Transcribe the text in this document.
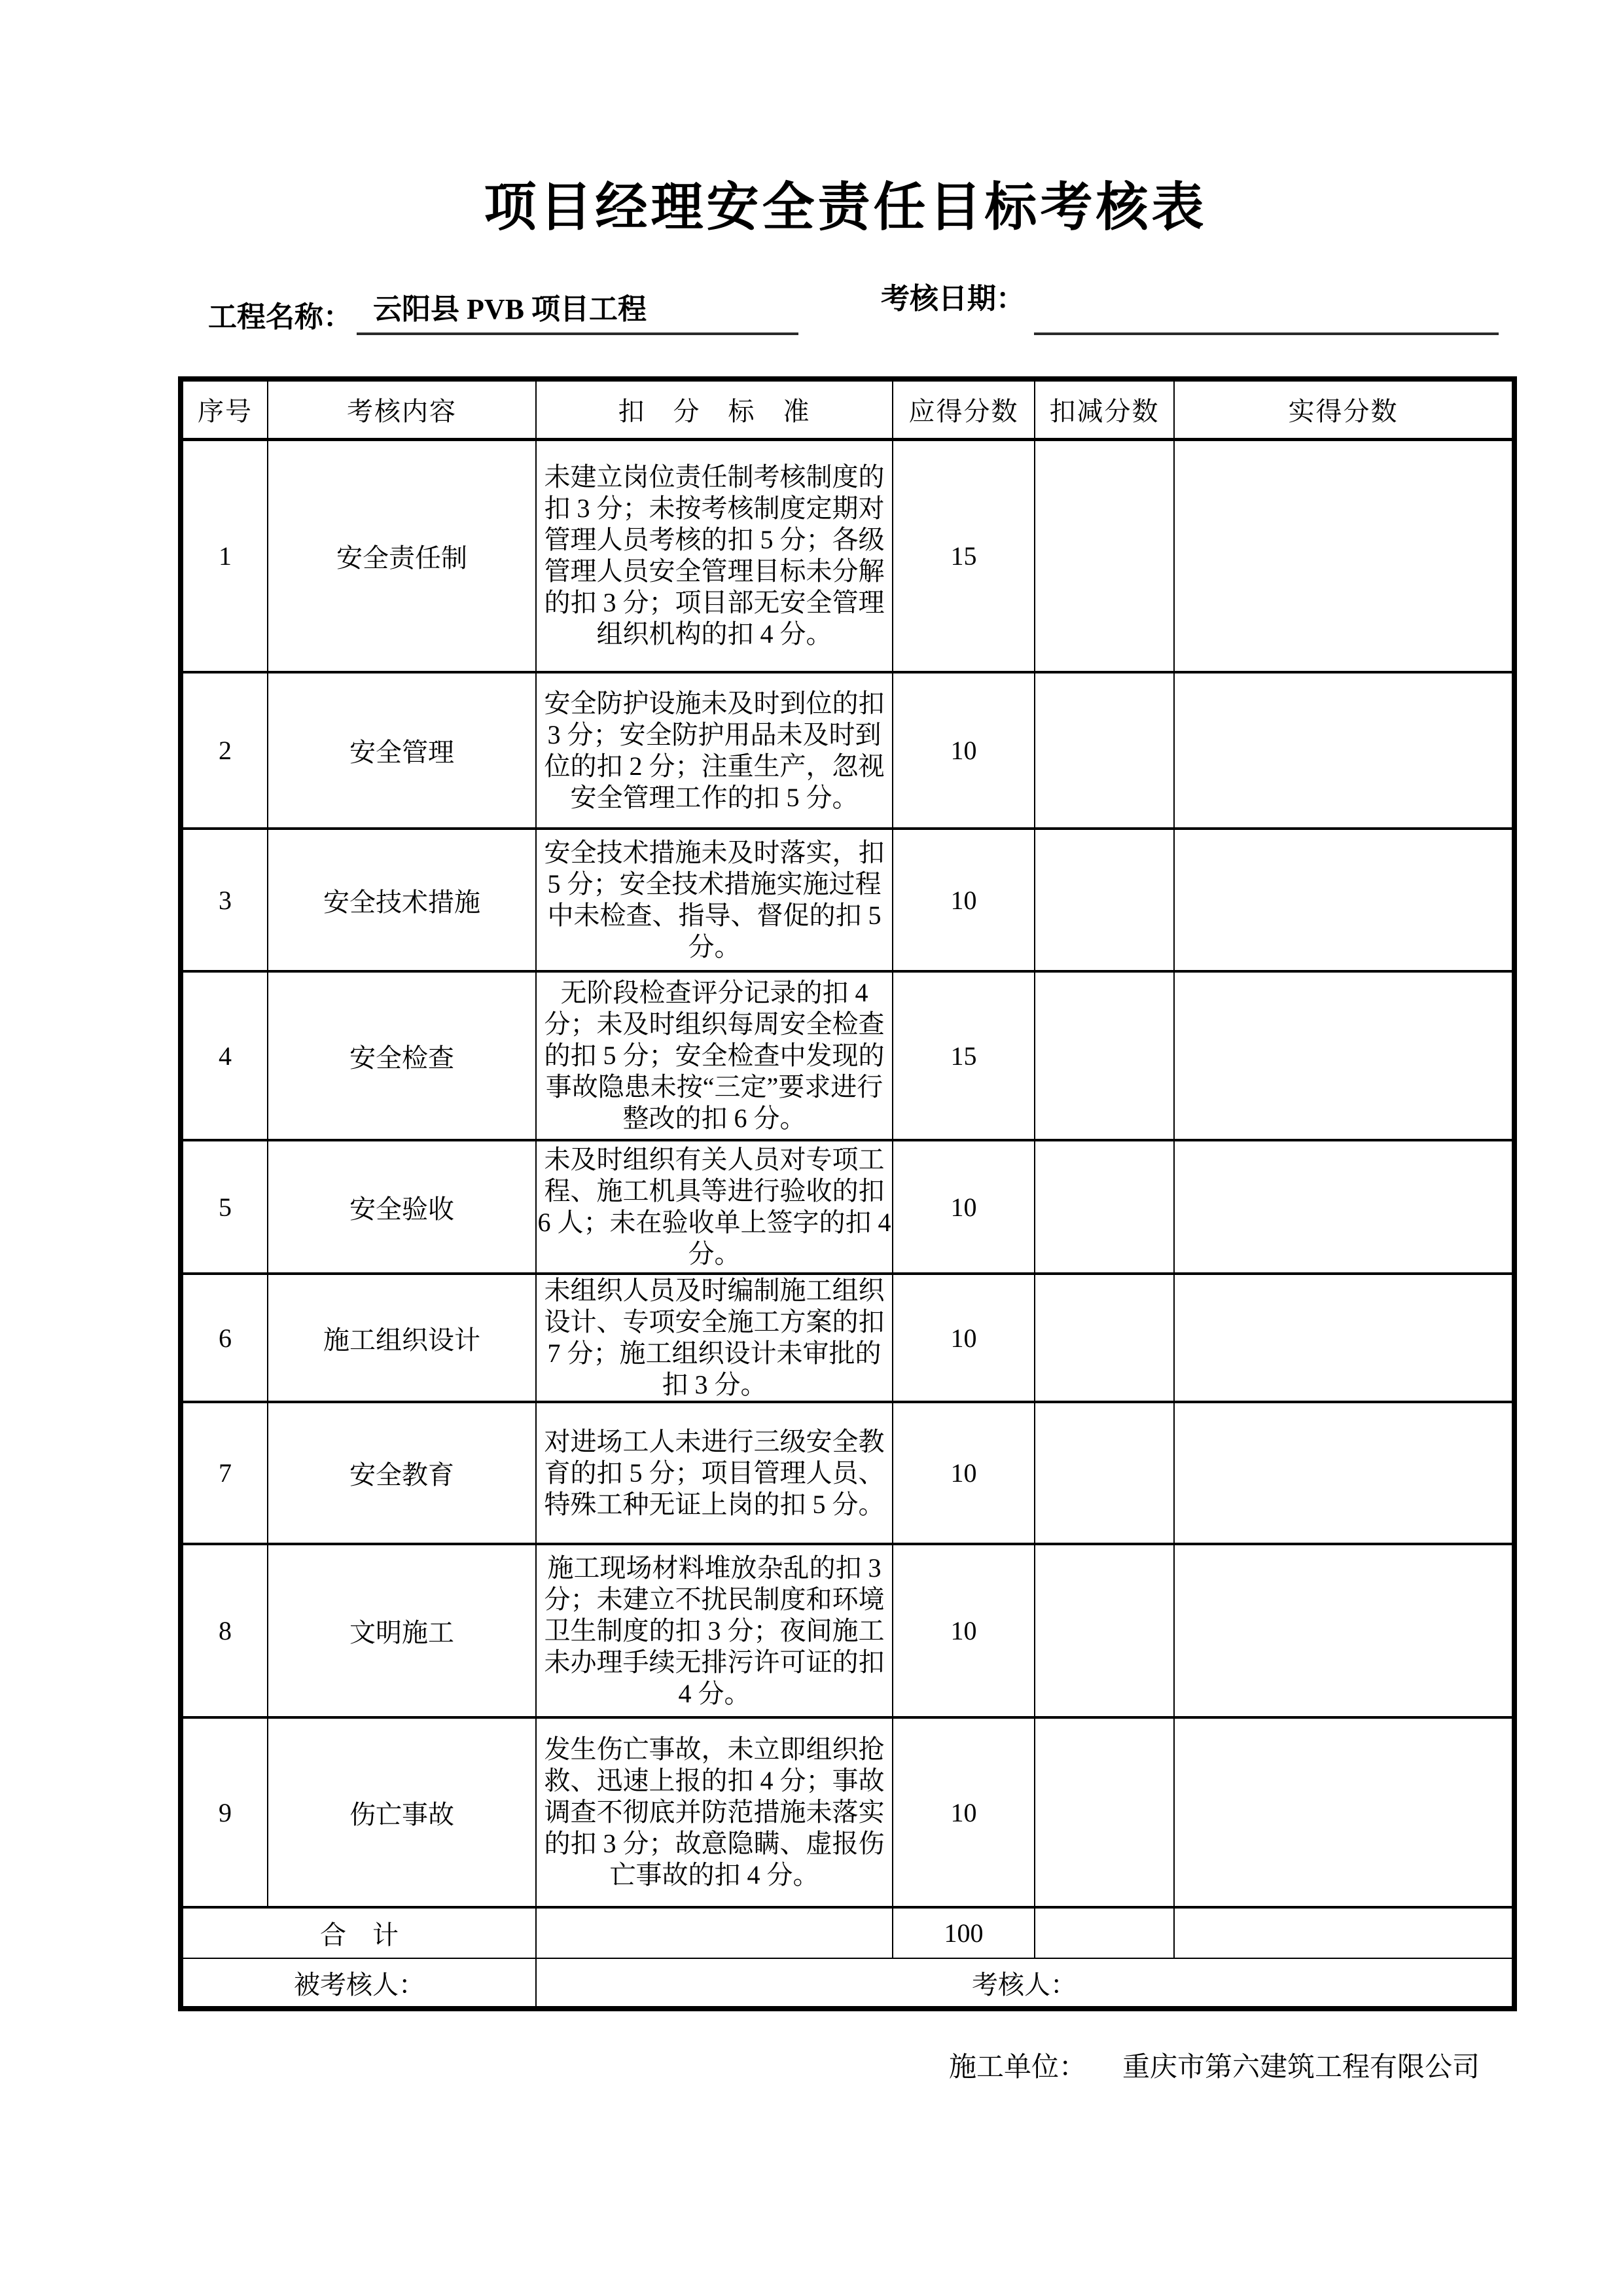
项目经理安全责任目标考核表
工程名称： 云阳县 PVB 项目工程	考核日期：
序号	考核内容	扣　分　标　准	应得分数	扣减分数	实得分数
1	安全责任制	未建立岗位责任制考核制度的扣 3 分；未按考核制度定期对管理人员考核的扣 5 分；各级管理人员安全管理目标未分解的扣 3 分；项目部无安全管理组织机构的扣 4 分。	15		
2	安全管理	安全防护设施未及时到位的扣 3 分；安全防护用品未及时到位的扣 2 分；注重生产，忽视安全管理工作的扣 5 分。	10		
3	安全技术措施	安全技术措施未及时落实，扣 5 分；安全技术措施实施过程中未检查、指导、督促的扣 5 分。	10		
4	安全检查	无阶段检查评分记录的扣 4 分；未及时组织每周安全检查的扣 5 分；安全检查中发现的事故隐患未按“三定”要求进行整改的扣 6 分。	15		
5	安全验收	未及时组织有关人员对专项工程、施工机具等进行验收的扣 6 人；未在验收单上签字的扣 4 分。	10		
6	施工组织设计	未组织人员及时编制施工组织设计、专项安全施工方案的扣 7 分；施工组织设计未审批的扣 3 分。	10		
7	安全教育	对进场工人未进行三级安全教育的扣 5 分；项目管理人员、特殊工种无证上岗的扣 5 分。	10		
8	文明施工	施工现场材料堆放杂乱的扣 3 分；未建立不扰民制度和环境卫生制度的扣 3 分；夜间施工未办理手续无排污许可证的扣 4 分。	10		
9	伤亡事故	发生伤亡事故，未立即组织抢救、迅速上报的扣 4 分；事故调查不彻底并防范措施未落实的扣 3 分；故意隐瞒、虚报伤亡事故的扣 4 分。	10		
合　计			100		
被考核人：		考核人：			
施工单位： 重庆市第六建筑工程有限公司
